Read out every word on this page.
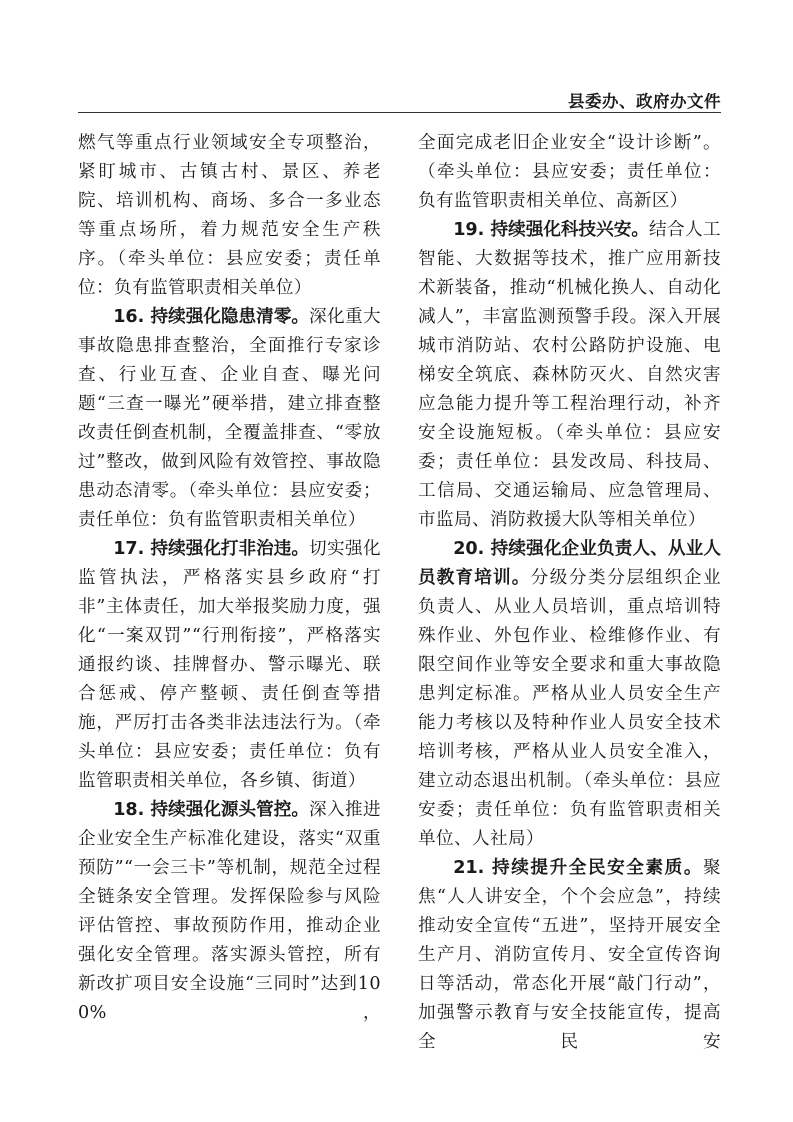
县委办、政府办文件

燃气等重点行业领域安全专项整治，紧盯城市、古镇古村、景区、养老院、培训机构、商场、多合一多业态等重点场所，着力规范安全生产秩序。（牵头单位：县应安委；责任单位：负有监管职责相关单位）

16. 持续强化隐患清零。深化重大事故隐患排查整治，全面推行专家诊查、行业互查、企业自查、曝光问题“三查一曝光”硬举措，建立排查整改责任倒查机制，全覆盖排查、“零放过”整改，做到风险有效管控、事故隐患动态清零。（牵头单位：县应安委；责任单位：负有监管职责相关单位）

17. 持续强化打非治违。切实强化监管执法，严格落实县乡政府“打非”主体责任，加大举报奖励力度，强化“一案双罚”“行刑衔接”，严格落实通报约谈、挂牌督办、警示曝光、联合惩戒、停产整顿、责任倒查等措施，严厉打击各类非法违法行为。（牵头单位：县应安委；责任单位：负有监管职责相关单位，各乡镇、街道）

18. 持续强化源头管控。深入推进企业安全生产标准化建设，落实“双重预防”“一会三卡”等机制，规范全过程全链条安全管理。发挥保险参与风险评估管控、事故预防作用，推动企业强化安全管理。落实源头管控，所有新改扩项目安全设施“三同时”达到100%，

全面完成老旧企业安全“设计诊断”。（牵头单位：县应安委；责任单位：负有监管职责相关单位、高新区）

19. 持续强化科技兴安。结合人工智能、大数据等技术，推广应用新技术新装备，推动“机械化换人、自动化减人”，丰富监测预警手段。深入开展城市消防站、农村公路防护设施、电梯安全筑底、森林防灭火、自然灾害应急能力提升等工程治理行动，补齐安全设施短板。（牵头单位：县应安委；责任单位：县发改局、科技局、工信局、交通运输局、应急管理局、市监局、消防救援大队等相关单位）

20. 持续强化企业负责人、从业人员教育培训。分级分类分层组织企业负责人、从业人员培训，重点培训特殊作业、外包作业、检维修作业、有限空间作业等安全要求和重大事故隐患判定标准。严格从业人员安全生产能力考核以及特种作业人员安全技术培训考核，严格从业人员安全准入，建立动态退出机制。（牵头单位：县应安委；责任单位：负有监管职责相关单位、人社局）

21. 持续提升全民安全素质。聚焦“人人讲安全，个个会应急”，持续推动安全宣传“五进”，坚持开展安全生产月、消防宣传月、安全宣传咨询日等活动，常态化开展“敲门行动”，加强警示教育与安全技能宣传，提高全民安
